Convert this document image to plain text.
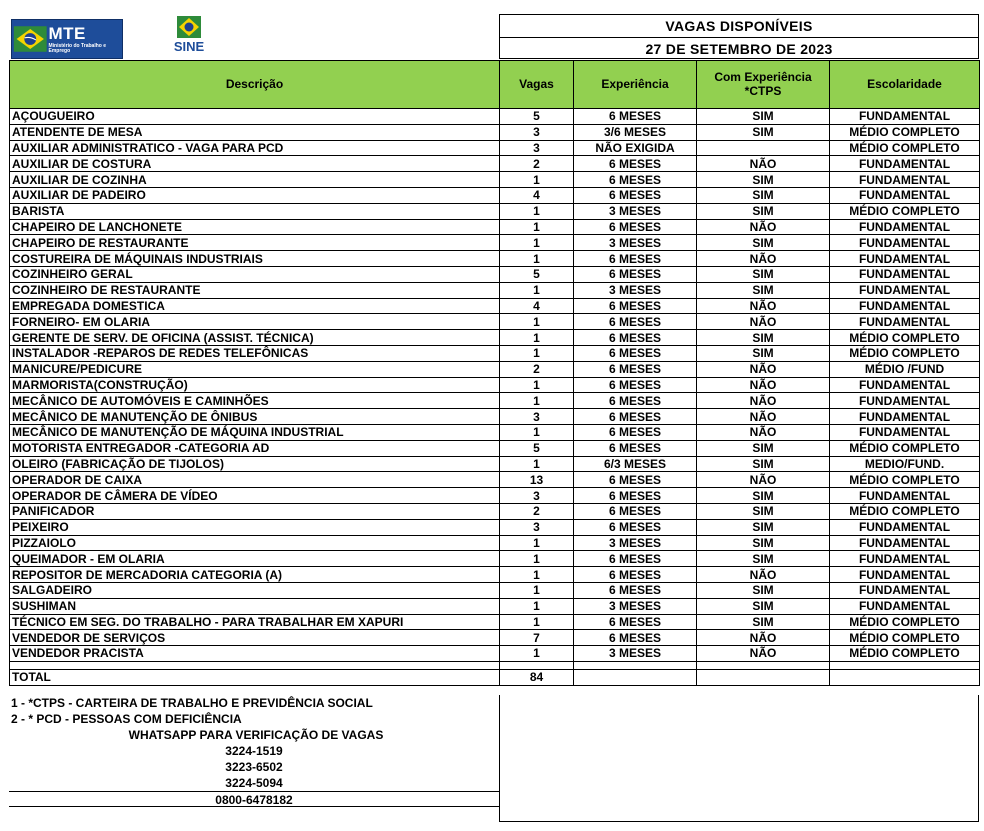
MTE
Ministério do Trabalho e Emprego	SINE
VAGAS DISPONÍVEIS
27 DE SETEMBRO DE 2023
Descrição	Vagas	Experiência	Com Experiência *CTPS	Escolaridade
AÇOUGUEIRO	5	6 MESES	SIM	FUNDAMENTAL
ATENDENTE DE MESA	3	3/6 MESES	SIM	MÉDIO COMPLETO
AUXILIAR ADMINISTRATICO - VAGA PARA PCD	3	NÃO EXIGIDA		MÉDIO COMPLETO
AUXILIAR DE COSTURA	2	6 MESES	NÃO	FUNDAMENTAL
AUXILIAR DE COZINHA	1	6 MESES	SIM	FUNDAMENTAL
AUXILIAR DE PADEIRO	4	6 MESES	SIM	FUNDAMENTAL
BARISTA	1	3 MESES	SIM	MÉDIO COMPLETO
CHAPEIRO DE LANCHONETE	1	6 MESES	NÃO	FUNDAMENTAL
CHAPEIRO DE RESTAURANTE	1	3 MESES	SIM	FUNDAMENTAL
COSTUREIRA DE MÁQUINAIS INDUSTRIAIS	1	6 MESES	NÃO	FUNDAMENTAL
COZINHEIRO GERAL	5	6 MESES	SIM	FUNDAMENTAL
COZINHEIRO DE RESTAURANTE	1	3 MESES	SIM	FUNDAMENTAL
EMPREGADA DOMESTICA	4	6 MESES	NÃO	FUNDAMENTAL
FORNEIRO- EM OLARIA	1	6 MESES	NÃO	FUNDAMENTAL
GERENTE DE SERV. DE OFICINA (ASSIST. TÉCNICA)	1	6 MESES	SIM	MÉDIO COMPLETO
INSTALADOR -REPAROS DE REDES TELEFÔNICAS	1	6 MESES	SIM	MÉDIO COMPLETO
MANICURE/PEDICURE	2	6 MESES	NÃO	MÉDIO /FUND
MARMORISTA(CONSTRUÇÃO)	1	6 MESES	NÃO	FUNDAMENTAL
MECÂNICO DE AUTOMÓVEIS E CAMINHÕES	1	6 MESES	NÃO	FUNDAMENTAL
MECÂNICO DE MANUTENÇÃO DE ÔNIBUS	3	6 MESES	NÃO	FUNDAMENTAL
MECÂNICO DE MANUTENÇÃO DE MÁQUINA INDUSTRIAL	1	6 MESES	NÃO	FUNDAMENTAL
MOTORISTA ENTREGADOR -CATEGORIA AD	5	6 MESES	SIM	MÉDIO COMPLETO
OLEIRO (FABRICAÇÃO DE TIJOLOS)	1	6/3 MESES	SIM	MEDIO/FUND.
OPERADOR DE CAIXA	13	6 MESES	NÃO	MÉDIO COMPLETO
OPERADOR DE CÂMERA DE VÍDEO	3	6 MESES	SIM	FUNDAMENTAL
PANIFICADOR	2	6 MESES	SIM	MÉDIO COMPLETO
PEIXEIRO	3	6 MESES	SIM	FUNDAMENTAL
PIZZAIOLO	1	3 MESES	SIM	FUNDAMENTAL
QUEIMADOR - EM OLARIA	1	6 MESES	SIM	FUNDAMENTAL
REPOSITOR DE MERCADORIA CATEGORIA (A)	1	6 MESES	NÃO	FUNDAMENTAL
SALGADEIRO	1	6 MESES	SIM	FUNDAMENTAL
SUSHIMAN	1	3 MESES	SIM	FUNDAMENTAL
TÉCNICO EM SEG. DO TRABALHO - PARA TRABALHAR EM XAPURI	1	6 MESES	SIM	MÉDIO COMPLETO
VENDEDOR DE SERVIÇOS	7	6 MESES	NÃO	MÉDIO COMPLETO
VENDEDOR PRACISTA	1	3 MESES	NÃO	MÉDIO COMPLETO

TOTAL	84			
1 - *CTPS - CARTEIRA DE TRABALHO E PREVIDÊNCIA SOCIAL
2 - * PCD - PESSOAS COM DEFICIÊNCIA
WHATSAPP PARA VERIFICAÇÃO DE VAGAS
3224-1519
3223-6502
3224-5094
0800-6478182
